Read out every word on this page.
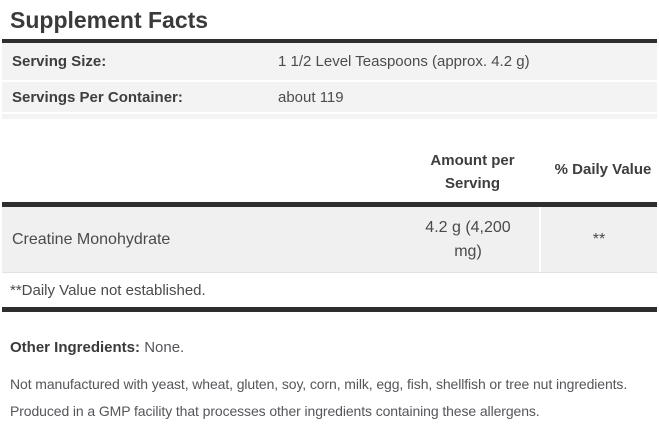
Supplement Facts
Serving Size:	1 1/2 Level Teaspoons (approx. 4.2 g)
Servings Per Container:	about 119
Amount per Serving
% Daily Value
Creatine Monohydrate
4.2 g (4,200 mg)
**
**Daily Value not established.
Other Ingredients: None.
Not manufactured with yeast, wheat, gluten, soy, corn, milk, egg, fish, shellfish or tree nut ingredients.
Produced in a GMP facility that processes other ingredients containing these allergens.
